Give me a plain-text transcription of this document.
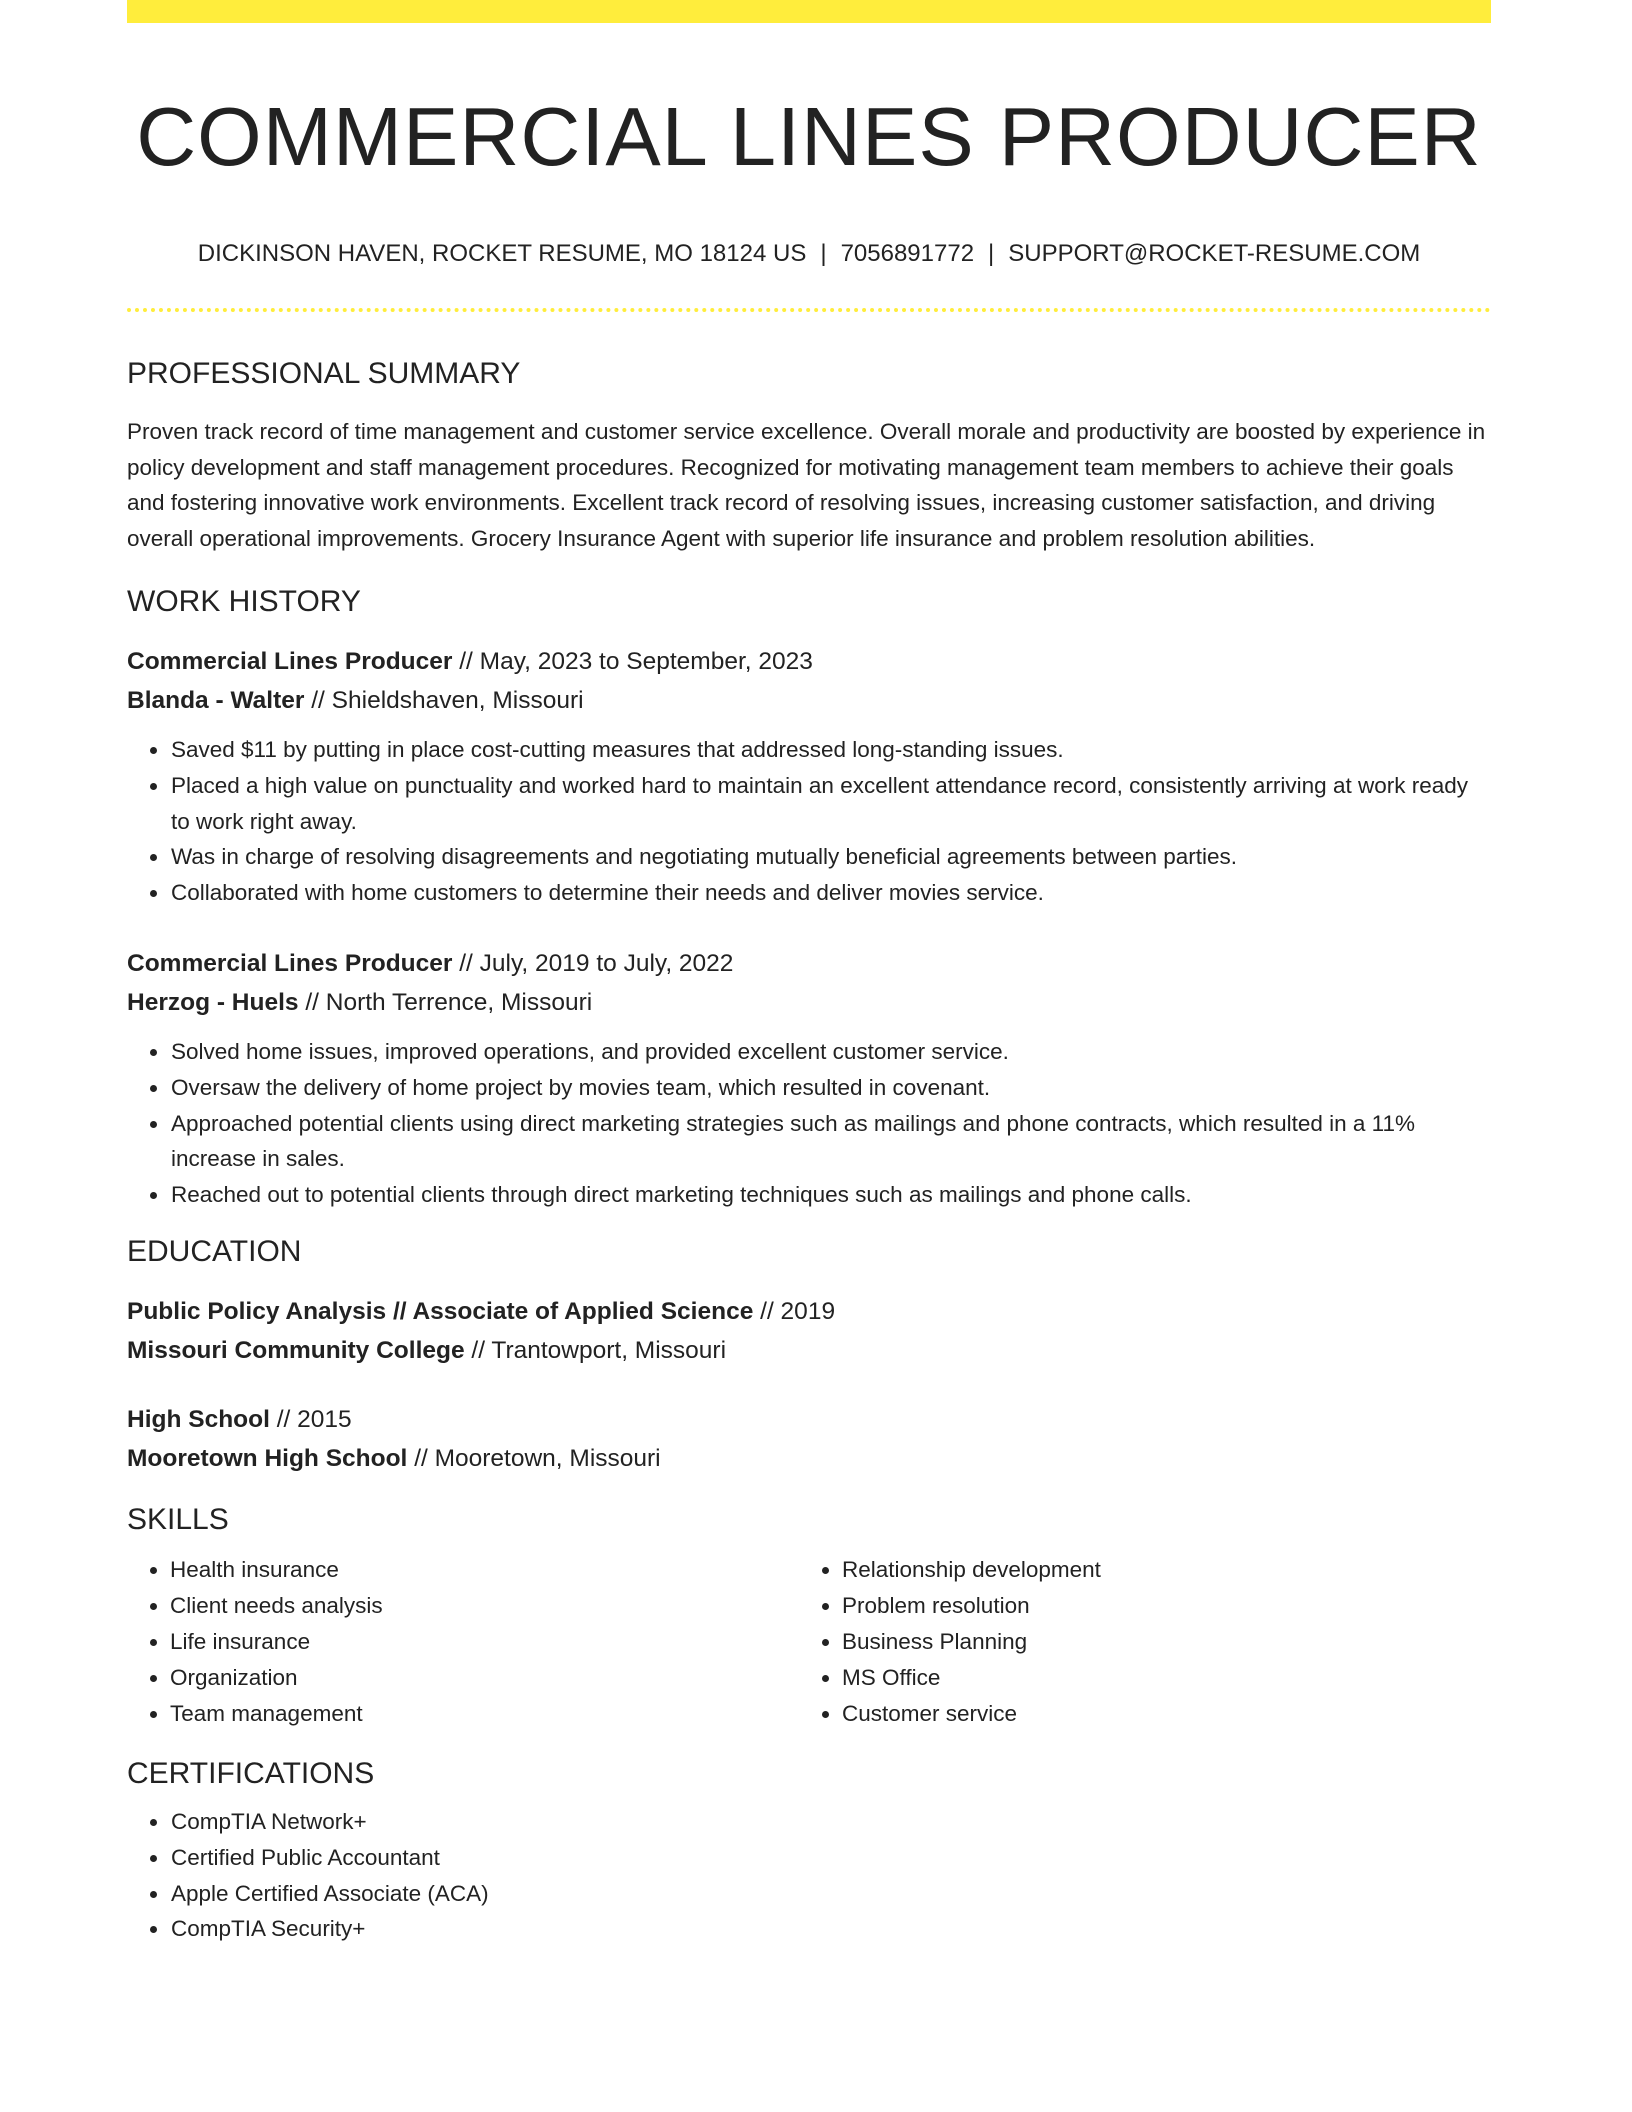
COMMERCIAL LINES PRODUCER
DICKINSON HAVEN, ROCKET RESUME, MO 18124 US | 7056891772 | SUPPORT@ROCKET-RESUME.COM
PROFESSIONAL SUMMARY

Proven track record of time management and customer service excellence. Overall morale and productivity are boosted by experience in policy development and staff management procedures. Recognized for motivating management team members to achieve their goals and fostering innovative work environments. Excellent track record of resolving issues, increasing customer satisfaction, and driving overall operational improvements. Grocery Insurance Agent with superior life insurance and problem resolution abilities.

WORK HISTORY
Commercial Lines Producer // May, 2023 to September, 2023
Blanda - Walter // Shieldshaven, Missouri
• Saved $11 by putting in place cost-cutting measures that addressed long-standing issues.
• Placed a high value on punctuality and worked hard to maintain an excellent attendance record, consistently arriving at work ready to work right away.
• Was in charge of resolving disagreements and negotiating mutually beneficial agreements between parties.
• Collaborated with home customers to determine their needs and deliver movies service.
Commercial Lines Producer // July, 2019 to July, 2022
Herzog - Huels // North Terrence, Missouri
• Solved home issues, improved operations, and provided excellent customer service.
• Oversaw the delivery of home project by movies team, which resulted in covenant.
• Approached potential clients using direct marketing strategies such as mailings and phone contracts, which resulted in a 11% increase in sales.
• Reached out to potential clients through direct marketing techniques such as mailings and phone calls.
EDUCATION
Public Policy Analysis // Associate of Applied Science // 2019
Missouri Community College // Trantowport, Missouri
High School // 2015
Mooretown High School // Mooretown, Missouri
SKILLS
• Health insurance
• Client needs analysis
• Life insurance
• Organization
• Team management
• Relationship development
• Problem resolution
• Business Planning
• MS Office
• Customer service
CERTIFICATIONS
• CompTIA Network+
• Certified Public Accountant
• Apple Certified Associate (ACA)
• CompTIA Security+
